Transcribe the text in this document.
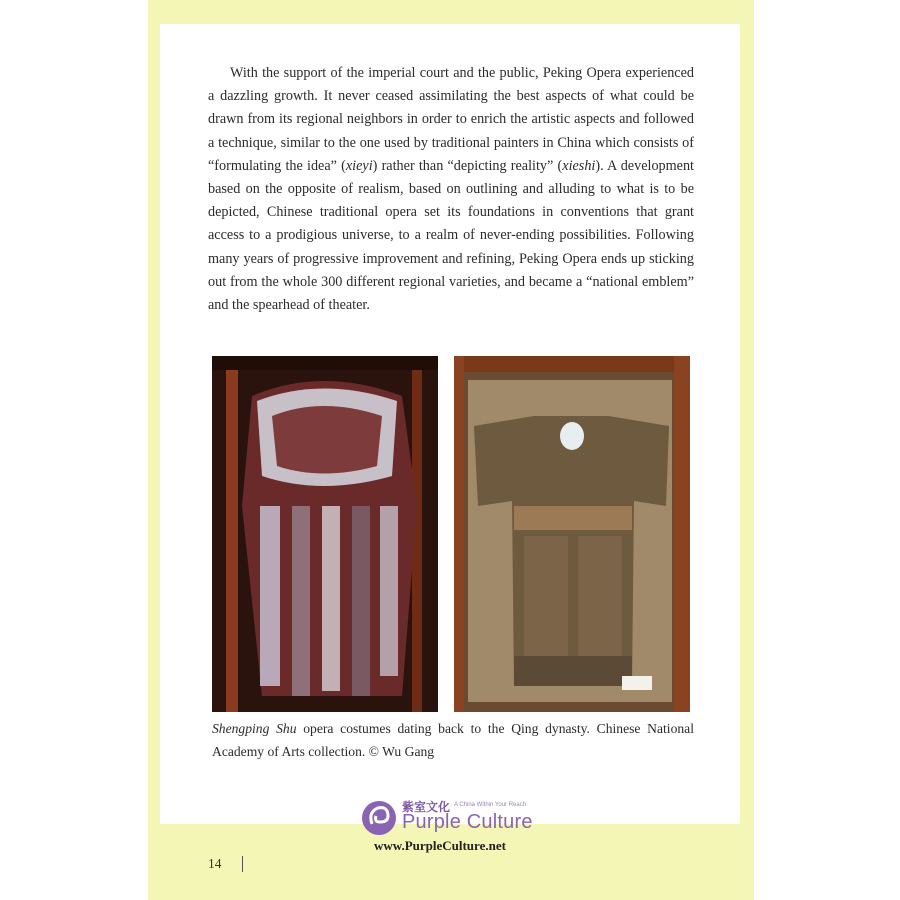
With the support of the imperial court and the public, Peking Opera experienced a dazzling growth. It never ceased assimilating the best aspects of what could be drawn from its regional neighbors in order to enrich the artistic aspects and followed a technique, similar to the one used by traditional painters in China which consists of “formulating the idea” (xieyi) rather than “depicting reality” (xieshi). A development based on the opposite of realism, based on outlining and alluding to what is to be depicted, Chinese traditional opera set its foundations in conventions that grant access to a prodigious universe, to a realm of never-ending possibilities. Following many years of progressive improvement and refining, Peking Opera ends up sticking out from the whole 300 different regional varieties, and became a “national emblem” and the spearhead of theater.

Shengping Shu opera costumes dating back to the Qing dynasty. Chinese National Academy of Arts collection. © Wu Gang

紫室文化 A China Within Your Reach
Purple Culture
www.PurpleCulture.net
14
